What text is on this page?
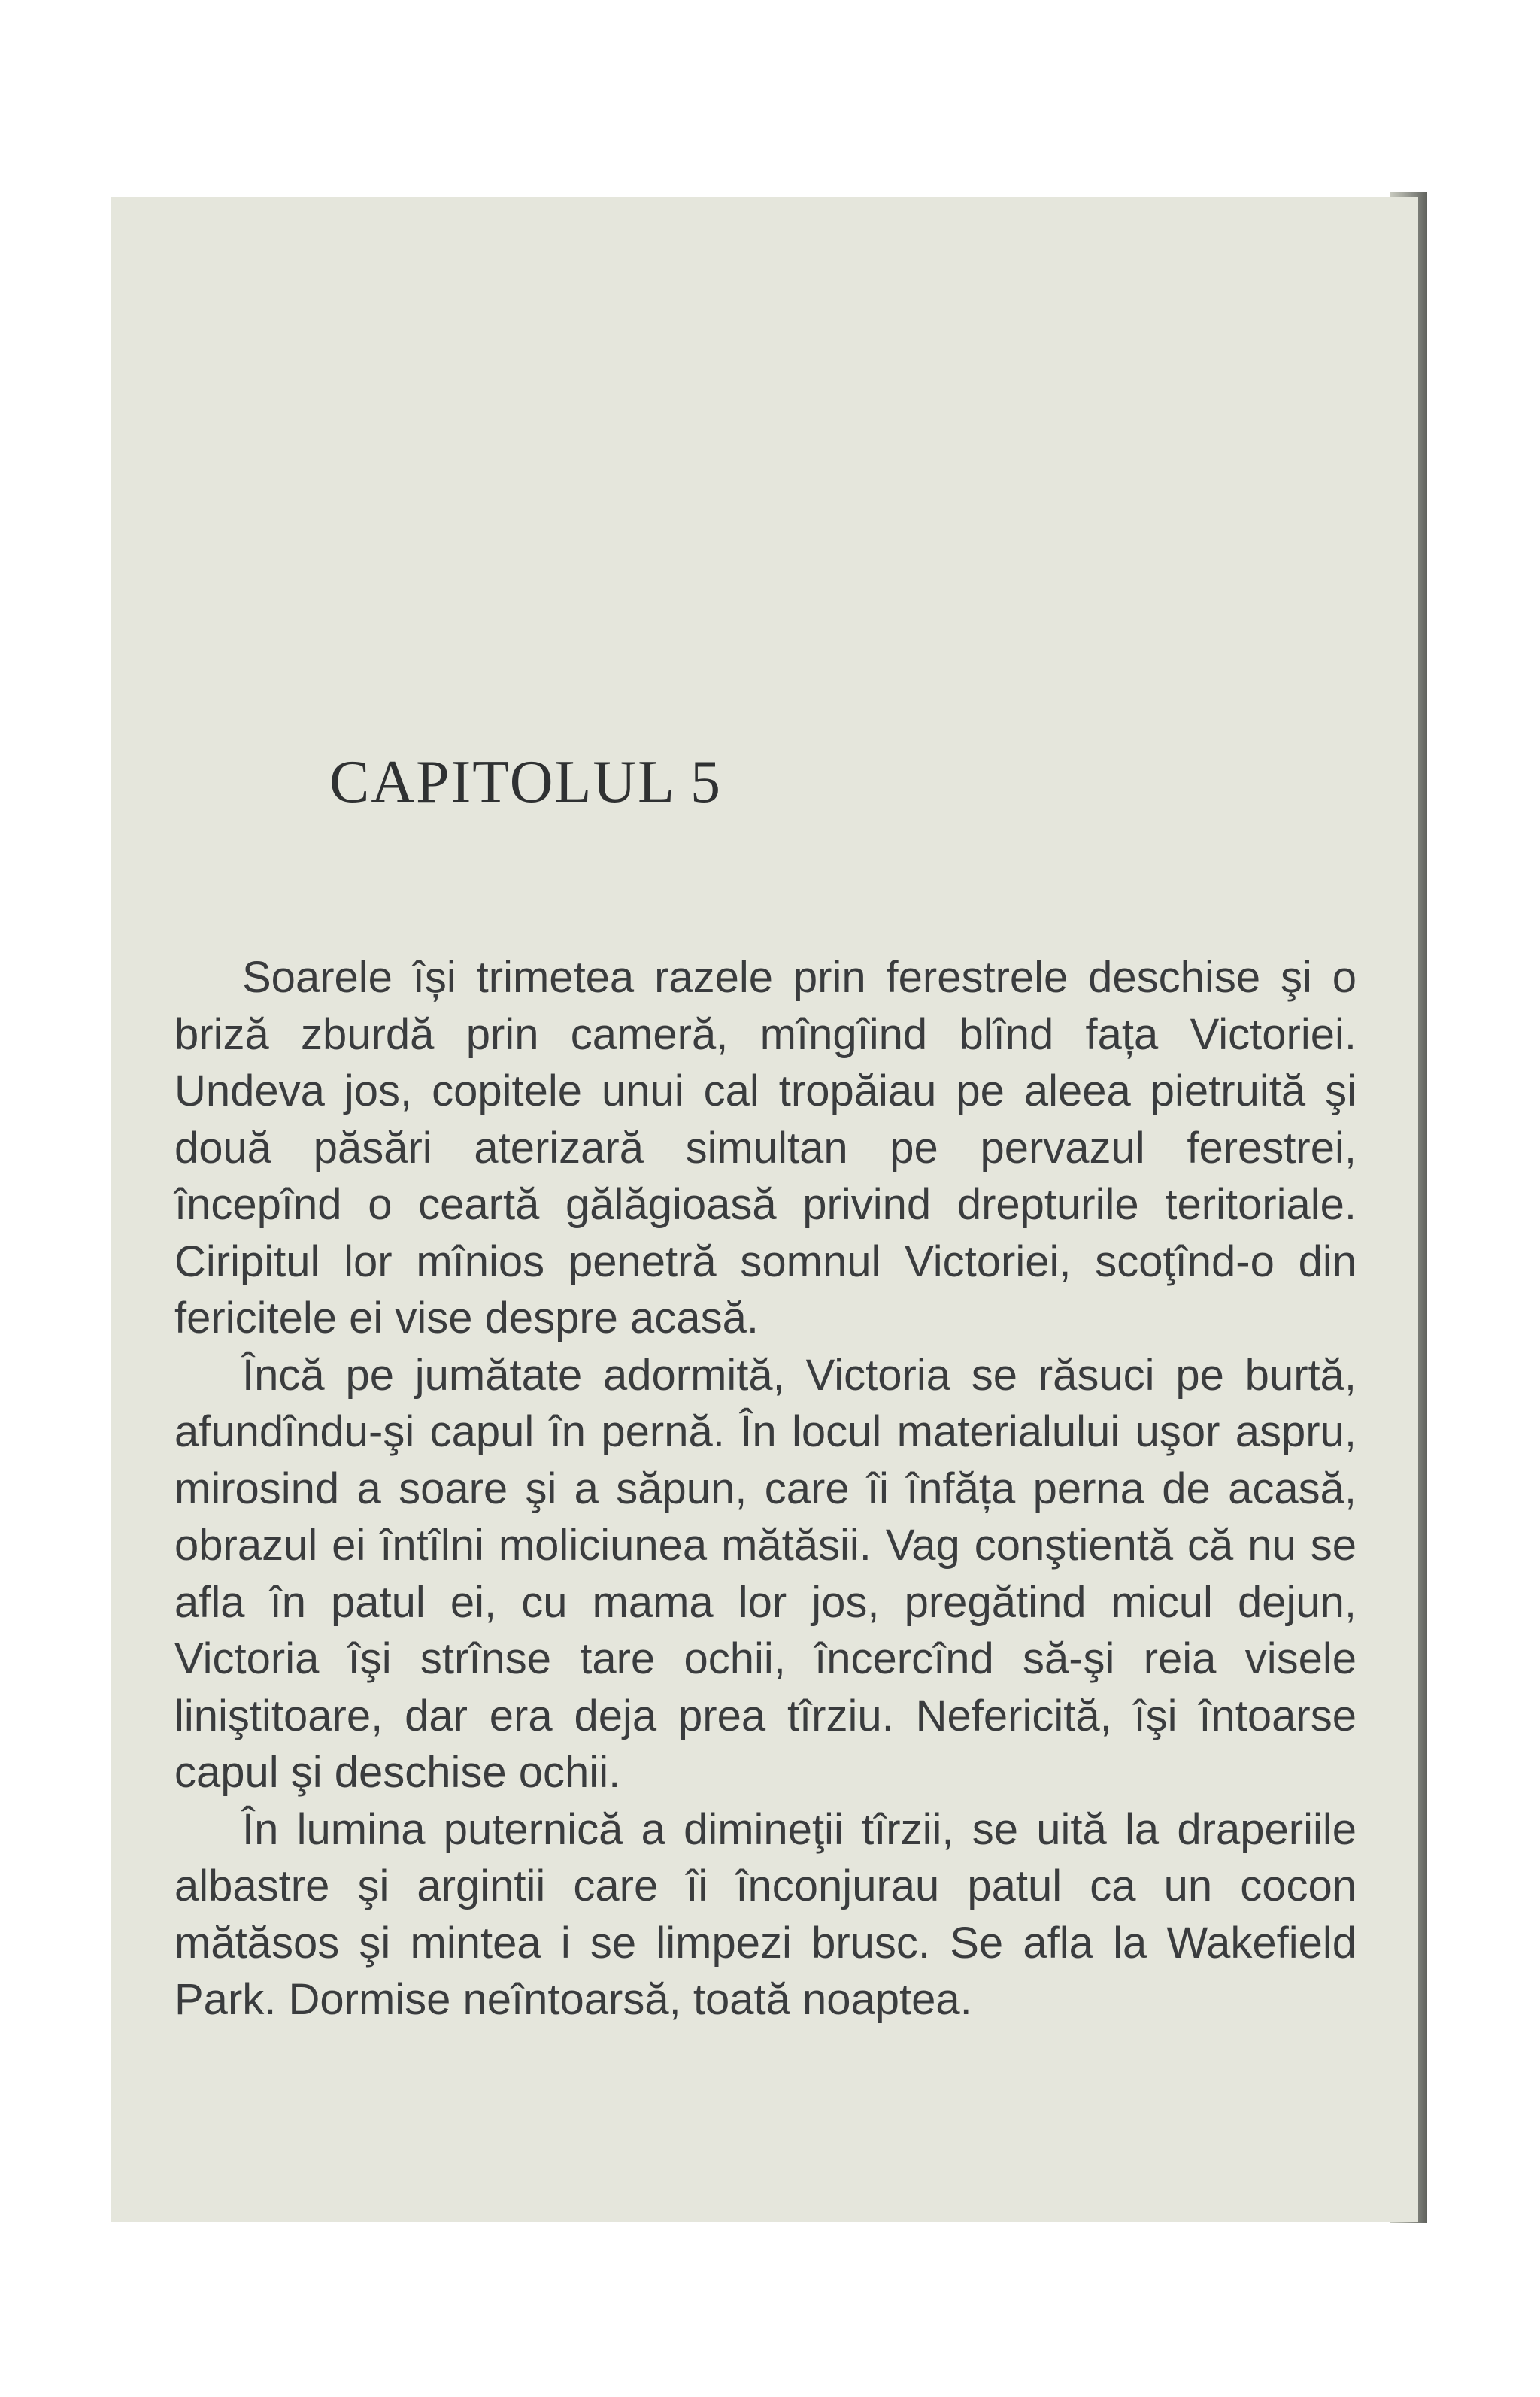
CAPITOLUL 5

Soarele își trimetea razele prin ferestrele deschise şi o briză zburdă prin cameră, mîngîind blînd fața Victoriei. Undeva jos, copitele unui cal tropăiau pe aleea pietruită şi două păsări aterizară simultan pe pervazul ferestrei, începînd o ceartă gălăgioasă privind drepturile teritoriale. Ciripitul lor mînios penetră somnul Victoriei, scoţînd-o din fericitele ei vise despre acasă.

Încă pe jumătate adormită, Victoria se răsuci pe burtă, afundîndu-şi capul în pernă. În locul materialului uşor aspru, mirosind a soare şi a săpun, care îi înfăța perna de acasă, obrazul ei întîlni moliciunea mătăsii. Vag conştientă că nu se afla în patul ei, cu mama lor jos, pregătind micul dejun, Victoria îşi strînse tare ochii, încercînd să-şi reia visele liniştitoare, dar era deja prea tîrziu. Nefericită, îşi întoarse capul şi deschise ochii.

În lumina puternică a dimineţii tîrzii, se uită la draperiile albastre şi argintii care îi înconjurau patul ca un cocon mătăsos şi mintea i se limpezi brusc. Se afla la Wakefield Park. Dormise neîntoarsă, toată noaptea.
